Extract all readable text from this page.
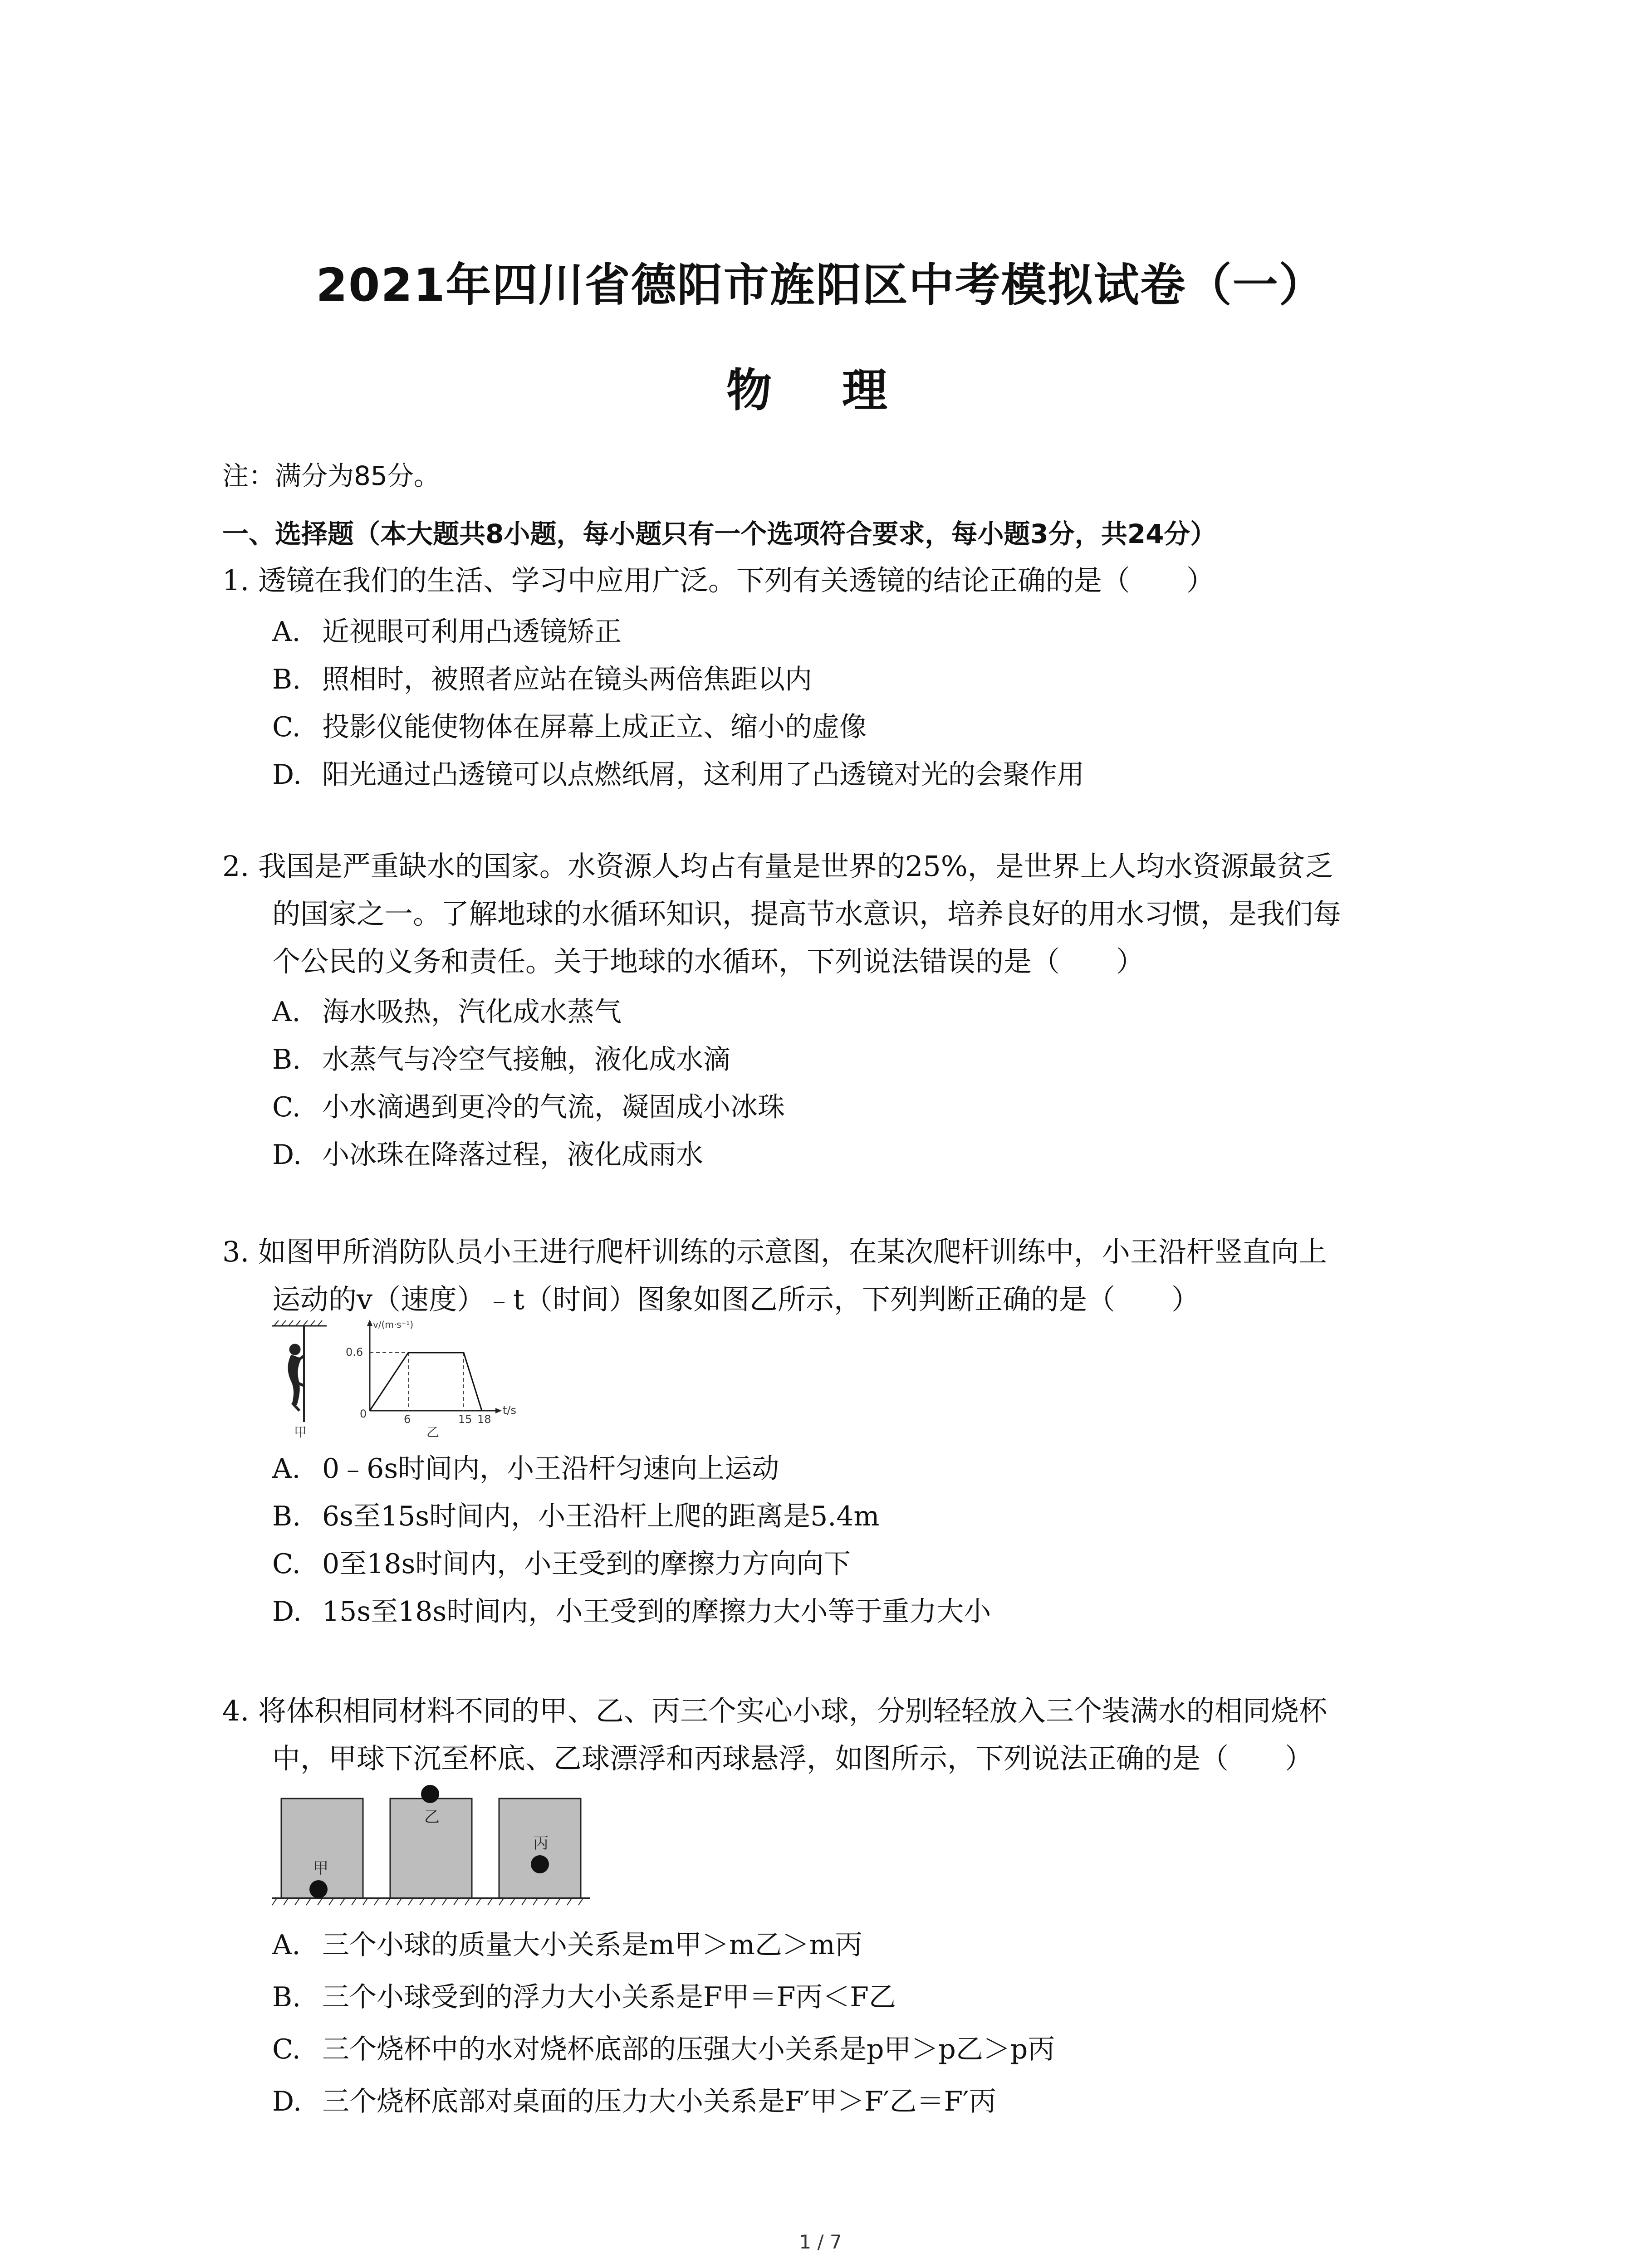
2021年四川省德阳市旌阳区中考模拟试卷（一）
物 理
注：满分为85分。
一、选择题（本大题共8小题，每小题只有一个选项符合要求，每小题3分，共24分）
1. 透镜在我们的生活、学习中应用广泛。下列有关透镜的结论正确的是（　　）
A. 近视眼可利用凸透镜矫正
B. 照相时，被照者应站在镜头两倍焦距以内
C. 投影仪能使物体在屏幕上成正立、缩小的虚像
D. 阳光通过凸透镜可以点燃纸屑，这利用了凸透镜对光的会聚作用
2. 我国是严重缺水的国家。水资源人均占有量是世界的25%，是世界上人均水资源最贫乏
的国家之一。了解地球的水循环知识，提高节水意识，培养良好的用水习惯，是我们每
个公民的义务和责任。关于地球的水循环，下列说法错误的是（　　）
A. 海水吸热，汽化成水蒸气
B. 水蒸气与冷空气接触，液化成水滴
C. 小水滴遇到更冷的气流，凝固成小冰珠
D. 小冰珠在降落过程，液化成雨水
3. 如图甲所消防队员小王进行爬杆训练的示意图，在某次爬杆训练中，小王沿杆竖直向上
运动的v（速度）﹣t（时间）图象如图乙所示，下列判断正确的是（　　）
甲
v/(m·s⁻¹)
t/s
0.6
0	6	15 18
乙
A. 0﹣6s时间内，小王沿杆匀速向上运动
B. 6s至15s时间内，小王沿杆上爬的距离是5.4m
C. 0至18s时间内，小王受到的摩擦力方向向下
D. 15s至18s时间内，小王受到的摩擦力大小等于重力大小
4. 将体积相同材料不同的甲、乙、丙三个实心小球，分别轻轻放入三个装满水的相同烧杯
中，甲球下沉至杯底、乙球漂浮和丙球悬浮，如图所示，下列说法正确的是（　　）
甲
乙
丙
A. 三个小球的质量大小关系是m甲＞m乙＞m丙
B. 三个小球受到的浮力大小关系是F甲＝F丙＜F乙
C. 三个烧杯中的水对烧杯底部的压强大小关系是p甲＞p乙＞p丙
D. 三个烧杯底部对桌面的压力大小关系是F′甲＞F′乙＝F′丙
1 / 7
